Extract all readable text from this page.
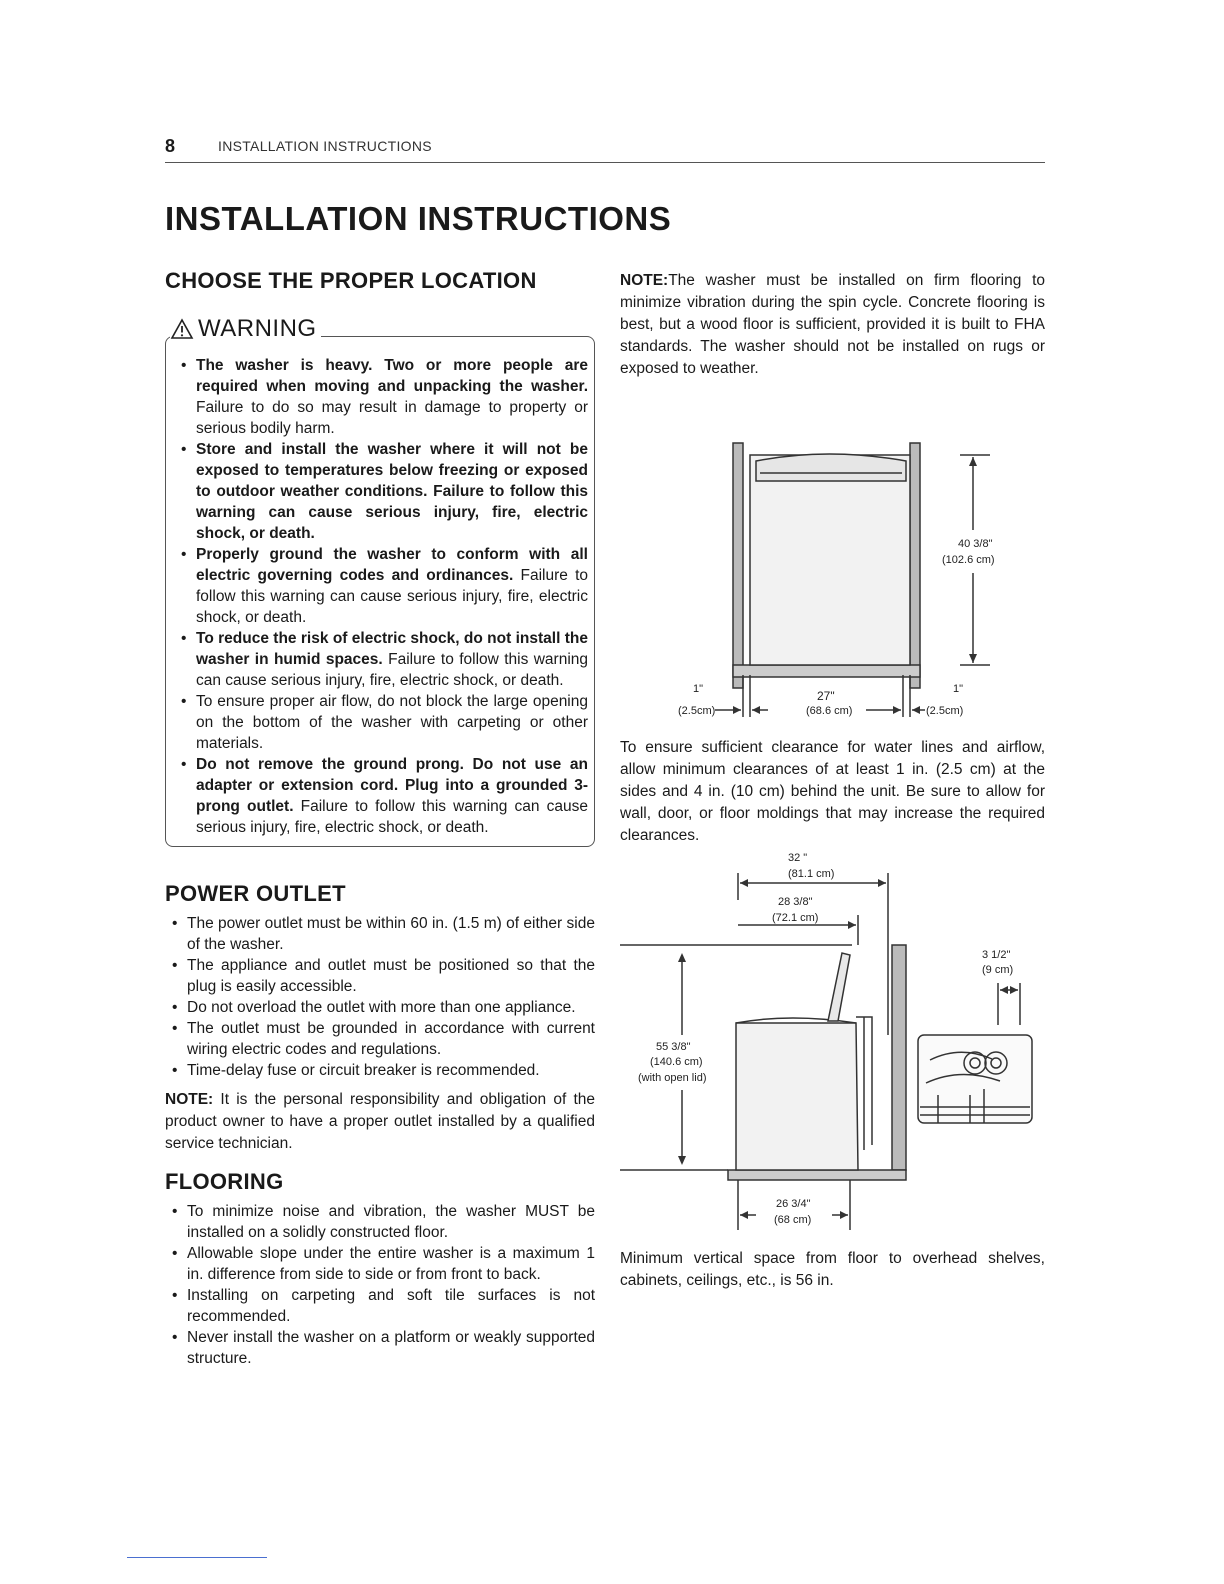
8	INSTALLATION INSTRUCTIONS
INSTALLATION INSTRUCTIONS
CHOOSE THE PROPER LOCATION
WARNING
• The washer is heavy. Two or more people are required when moving and unpacking the washer. Failure to do so may result in damage to property or serious bodily harm.
• Store and install the washer where it will not be exposed to temperatures below freezing or exposed to outdoor weather conditions. Failure to follow this warning can cause serious injury, fire, electric shock, or death.
• Properly ground the washer to conform with all electric governing codes and ordinances. Failure to follow this warning can cause serious injury, fire, electric shock, or death.
• To reduce the risk of electric shock, do not install the washer in humid spaces. Failure to follow this warning can cause serious injury, fire, electric shock, or death.
• To ensure proper air flow, do not block the large opening on the bottom of the washer with carpeting or other materials.
• Do not remove the ground prong. Do not use an adapter or extension cord. Plug into a grounded 3-prong outlet. Failure to follow this warning can cause serious injury, fire, electric shock, or death.
POWER OUTLET
• The power outlet must be within 60 in. (1.5 m) of either side of the washer.
• The appliance and outlet must be positioned so that the plug is easily accessible.
• Do not overload the outlet with more than one appliance.
• The outlet must be grounded in accordance with current wiring electric codes and regulations.
• Time-delay fuse or circuit breaker is recommended.

NOTE: It is the personal responsibility and obligation of the product owner to have a proper outlet installed by a qualified service technician.

FLOORING
• To minimize noise and vibration, the washer MUST be installed on a solidly constructed floor.
• Allowable slope under the entire washer is a maximum 1 in. difference from side to side or from front to back.
• Installing on carpeting and soft tile surfaces is not recommended.
• Never install the washer on a platform or weakly supported structure.

NOTE:The washer must be installed on firm flooring to minimize vibration during the spin cycle. Concrete flooring is best, but a wood floor is sufficient, provided it is built to FHA standards. The washer should not be installed on rugs or exposed to weather.

40 3/8"
(102.6 cm)
1"
(2.5cm)
27"
(68.6 cm)
1"
(2.5cm)

To ensure sufficient clearance for water lines and airflow, allow minimum clearances of at least 1 in. (2.5 cm) at the sides and 4 in. (10 cm) behind the unit. Be sure to allow for wall, door, or floor moldings that may increase the required clearances.

32 "
(81.1 cm)
28 3/8"
(72.1 cm)
3 1/2"
(9 cm)
55 3/8"
(140.6 cm)
(with open lid)
26 3/4"
(68 cm)

Minimum vertical space from floor to overhead shelves, cabinets, ceilings, etc., is 56 in.
